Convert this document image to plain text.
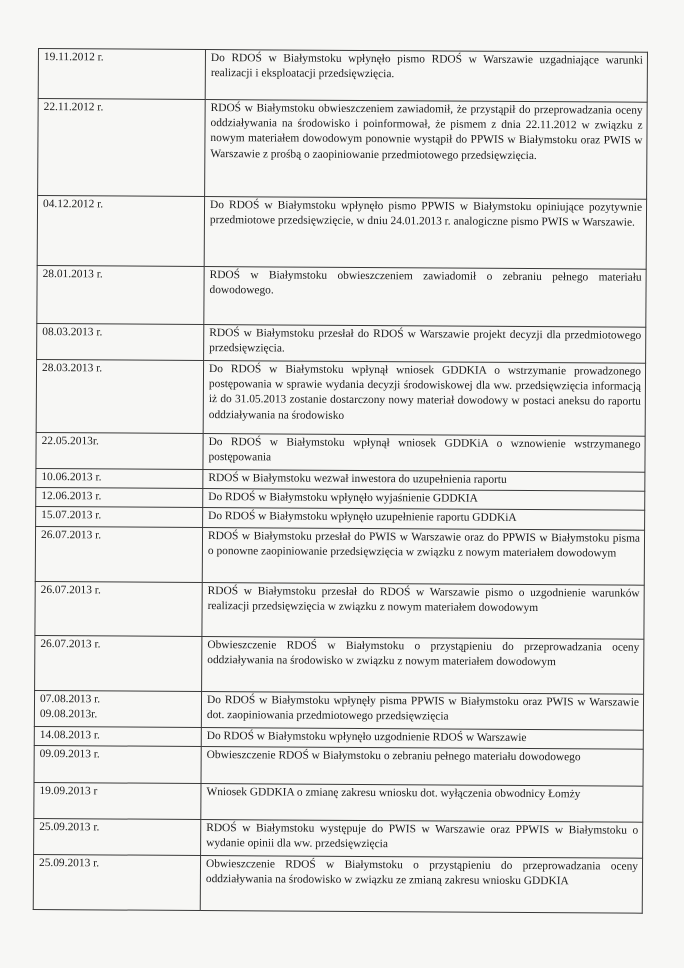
19.11.2012 r.	Do RDOŚ w Białymstoku wpłynęło pismo RDOŚ w Warszawie uzgadniające warunki realizacji i eksploatacji przedsięwzięcia.

22.11.2012 r.	RDOŚ w Białymstoku obwieszczeniem zawiadomił, że przystąpił do przeprowadzania oceny oddziaływania na środowisko i poinformował, że pismem z dnia 22.11.2012 w związku z nowym materiałem dowodowym ponownie wystąpił do PPWIS w Białymstoku oraz PWIS w Warszawie z prośbą o zaopiniowanie przedmiotowego przedsięwzięcia.

04.12.2012 r.	Do RDOŚ w Białymstoku wpłynęło pismo PPWIS w Białymstoku opiniujące pozytywnie przedmiotowe przedsięwzięcie, w dniu 24.01.2013 r. analogiczne pismo PWIS w Warszawie.

28.01.2013 r.	RDOŚ w Białymstoku obwieszczeniem zawiadomił o zebraniu pełnego materiału dowodowego.

08.03.2013 r.	RDOŚ w Białymstoku przesłał do RDOŚ w Warszawie projekt decyzji dla przedmiotowego przedsięwzięcia.

28.03.2013 r.	Do RDOŚ w Białymstoku wpłynął wniosek GDDKIA o wstrzymanie prowadzonego postępowania w sprawie wydania decyzji środowiskowej dla ww. przedsięwzięcia informacją iż do 31.05.2013 zostanie dostarczony nowy materiał dowodowy w postaci aneksu do raportu oddziaływania na środowisko

22.05.2013r.	Do RDOŚ w Białymstoku wpłynął wniosek GDDKiA o wznowienie wstrzymanego postępowania

10.06.2013 r.	RDOŚ w Białymstoku wezwał inwestora do uzupełnienia raportu

12.06.2013 r.	Do RDOŚ w Białymstoku wpłynęło wyjaśnienie GDDKIA

15.07.2013 r.	Do RDOŚ w Białymstoku wpłynęło uzupełnienie raportu GDDKiA

26.07.2013 r.	RDOŚ w Białymstoku przesłał do PWIS w Warszawie oraz do PPWIS w Białymstoku pisma o ponowne zaopiniowanie przedsięwzięcia w związku z nowym materiałem dowodowym

26.07.2013 r.	RDOŚ w Białymstoku przesłał do RDOŚ w Warszawie pismo o uzgodnienie warunków realizacji przedsięwzięcia w związku z nowym materiałem dowodowym

26.07.2013 r.	Obwieszczenie RDOŚ w Białymstoku o przystąpieniu do przeprowadzania oceny oddziaływania na środowisko w związku z nowym materiałem dowodowym

07.08.2013 r.
09.08.2013r.	Do RDOŚ w Białymstoku wpłynęły pisma PPWIS w Białymstoku oraz PWIS w Warszawie dot. zaopiniowania przedmiotowego przedsięwzięcia

14.08.2013 r.	Do RDOŚ w Białymstoku wpłynęło uzgodnienie RDOŚ w Warszawie

09.09.2013 r.	Obwieszczenie RDOŚ w Białymstoku o zebraniu pełnego materiału dowodowego

19.09.2013 r	Wniosek GDDKIA o zmianę zakresu wniosku dot. wyłączenia obwodnicy Łomży

25.09.2013 r.	RDOŚ w Białymstoku występuje do PWIS w Warszawie oraz PPWIS w Białymstoku o wydanie opinii dla ww. przedsięwzięcia

25.09.2013 r.	Obwieszczenie RDOŚ w Białymstoku o przystąpieniu do przeprowadzania oceny oddziaływania na środowisko w związku ze zmianą zakresu wniosku GDDKIA
